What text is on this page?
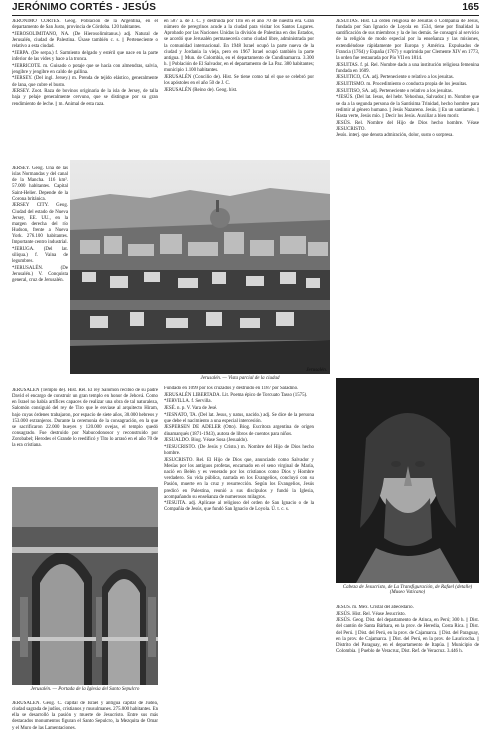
JERÓNIMO CORTÉS - JESÚS	165

JERÓNIMO CORTÉS. Geog. Población de la Argentina, en el departamento de San Justo, provincia de Córdoba. 120 habitantes.

*JEROSOLIMITANO, NA. (De Hierosolimitanus.) adj. Natural de Jerusalén, ciudad de Palestina. Úsase también c. s. || Perteneciente o relativo a esta ciudad.

*JERPA. (De serpa.) f. Sarmiento delgado y estéril que nace en la parte inferior de las vides y hace a la tronca.

*JERRICOTE. m. Guisado o potaje que se hacía con almendras, salvia, jengibre y jengibre en caldo de gallina.

*JERSEY. (Del ingl. Jersey.) m. Prenda de tejido elástico, generalmente de lana, que cubre el busto.

JERSEY. Zoot. Raza de bovinos originaria de la isla de Jersey, de talla baja y pelaje generalmente cervuno, que se distingue por su gran rendimiento de leche. || m. Animal de esta raza.

JERSEY. Geog. Una de las islas Normandas y del canal de la Mancha. 116 km². 57.000 habitantes. Capital Saint-Helier. Depende de la Corona británica.

JERSEY CITY. Geog. Ciudad del estado de Nueva Jersey, EE. UU., en la margen derecha del río Hudson, frente a Nueva York. 276.100 habitantes. Importante centro industrial.

*JERUGA. (Del lat. siliqua.) f. Vaina de legumbres.

*JERUSALÉN. (De Jerusalén.) V. Conquista general, cruz de Jerusalén.

Jerusalén.
Jerusalén. — Vista parcial de la ciudad

JERUSALÉN (Templo de). Hist. Rel. El rey Salomón recibió de su padre David el encargo de construir un gran templo en honor de Jehová. Como en Israel no había artífices capaces de realizar una obra de tal naturaleza, Salomón consiguió del rey de Tiro que le enviase al arquitecto Hiram, bajo cuyas órdenes trabajaron, por espacio de siete años, 30.000 hebreos y 153.000 extranjeros. Durante la ceremonia de la consagración, en la que se sacrificaron 22.000 bueyes y 120.000 ovejas, el templo quedó consagrado. Fue destruido por Nabucodonosor y reconstruido por Zorobabel; Herodes el Grande lo reedificó y Tito lo arrasó en el año 70 de la era cristiana.

Jerusalén. — Portada de la Iglesia del Santo Sepulcro

JERUSALÉN. Geog. C. capital de Israel y antigua capital de Judea, ciudad sagrada de judíos, cristianos y musulmanes. 275.000 habitantes. En ella se desarrolló la pasión y muerte de Jesucristo. Entre sus más destacados monumentos figuran el Santo Sepulcro, la Mezquita de Omar y el Muro de las Lamentaciones.

en 587 a. de J. C. y destruida por Tito en el año 70 de nuestra era. Gran número de peregrinos acude a la ciudad para visitar los Santos Lugares. Aprobado por las Naciones Unidas la división de Palestina en dos Estados, se acordó que Jerusalén permanecería como ciudad libre, administrada por la comunidad internacional. En 1948 Israel ocupó la parte nueva de la ciudad y Jordania la vieja, pero en 1967 Israel ocupó también la parte antigua. || Mun. de Colombia, en el departamento de Cundinamarca. 3.300 h. || Población de El Salvador, en el departamento de La Paz. 380 habitantes; municipio 1.100 habitantes.

JERUSALÉN (Concilio de). Hist. Se tiene como tal el que se celebró por los apóstoles en el año 50 de J. C.

JERUSALÉN (Reino de). Geog. hist.

Fundado en 1099 por los cruzados y destruido en 1187 por Saladino.

JERUSALÉN LIBERTADA. Lit. Poema épico de Torcuato Tasso (1575).

*JERVILLA. f. Servilla.

JESÉ. n. p. V. Vara de Jesé.

*JESNATO, TA. (Del lat. Jesus, y natus, nacido.) adj. Se dice de la persona que debe el nacimiento a una especial intercesión.

JESPERSEN DE ADELER (Otto). Biog. Escritora argentina de origen dinamarqués (1871-1943), autora de libros de cuentos para niños.

JESUALDO. Biog. Véase Sosa (Jesualdo).

*JESUCRISTO. (De Jesús y Cristo.) m. Nombre del Hijo de Dios hecho hombre.

JESUCRISTO. Rel. El Hijo de Dios que, anunciado como Salvador y Mesías por los antiguos profetas, encarnado en el seno virginal de María, nació en Belén y es venerado por los cristianos como Dios y Hombre verdadero. Su vida pública, narrada en los Evangelios, concluyó con su Pasión, muerte en la cruz y resurrección. Según los Evangelios, Jesús predicó en Palestina, reunió a sus discípulos y fundó la Iglesia, acompañando su enseñanza de numerosos milagros.

*JESUITA. adj. Aplícase al religioso del orden de San Ignacio o de la Compañía de Jesús, que fundó San Ignacio de Loyola. Ú. t. c. s.

JESUITAS. Hist. La orden religiosa de Jesuitas o Compañía de Jesús, fundada por San Ignacio de Loyola en 1534, tiene por finalidad la santificación de sus miembros y la de los demás. Se consagró al servicio de la religión de modo especial por la enseñanza y las misiones, extendiéndose rápidamente por Europa y América. Expulsados de Francia (1764) y España (1767) y suprimida por Clemente XIV en 1773, la orden fue restaurada por Pío VII en 1814.

JESUITAS. f. pl. Rel. Nombre dado a una institución religiosa femenina fundada en 1609.

JESUITICO, CA. adj. Perteneciente o relativo a los jesuitas.

JESUITISMO. m. Procedimiento o conducta propia de los jesuitas.

JESUITISO, SA. adj. Perteneciente o relativo a los jesuitas.

*JESÚS. (Del lat. Iesus, del hebr. Yehoshua, Salvador.) m. Nombre que se da a la segunda persona de la Santísima Trinidad, hecho hombre para redimir al género humano. || Jesús Nazareno. Jesús. || En un santiamén. || Hasta verte, Jesús mío. || Decir los Jesús. Auxiliar a bien morir.

JESÚS. Rel. Nombre del Hijo de Dios hecho hombre. Véase JESUCRISTO.

Jesús. interj. que denota admiración, dolor, susto o sorpresa.

Cabeza de Jesucristo, de La Transfiguración, de Rafael (detalle) (Museo Vaticano)

JESÚS. m. Mex. Cristal del abecedario.

JESÚS. Hist. Rel. Véase Jesucristo.

JESÚS. Geog. Dist. del departamento de Atinca, en Perú; 300 h. || Dist. del cantón de Santa Bárbara, en la prov. de Heredia, Costa Rica. || Dist. del Perú. || Dist. del Perú, en la prov. de Cajamarca. || Dist. del Paraguay, en la prov. de Cajamarca. || Dist. del Perú, en la prov. de Lauricocha. || Distrito del Paraguay, en el departamento de Itapúa. || Municipio de Colombia. || Pueblo de Veracruz, Dist. Ref. de Veracruz. 3.446 h.
